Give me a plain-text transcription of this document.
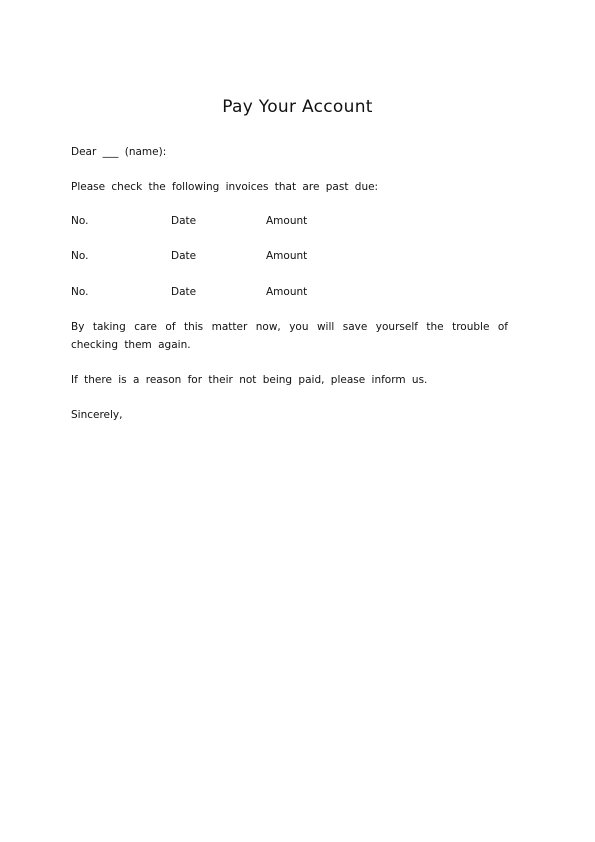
Pay Your Account
Dear ___ (name):
Please check the following invoices that are past due:
No.	Date	Amount
No.	Date	Amount
No.	Date	Amount
By taking care of this matter now, you will save yourself the trouble of checking them again.
If there is a reason for their not being paid, please inform us.
Sincerely,
